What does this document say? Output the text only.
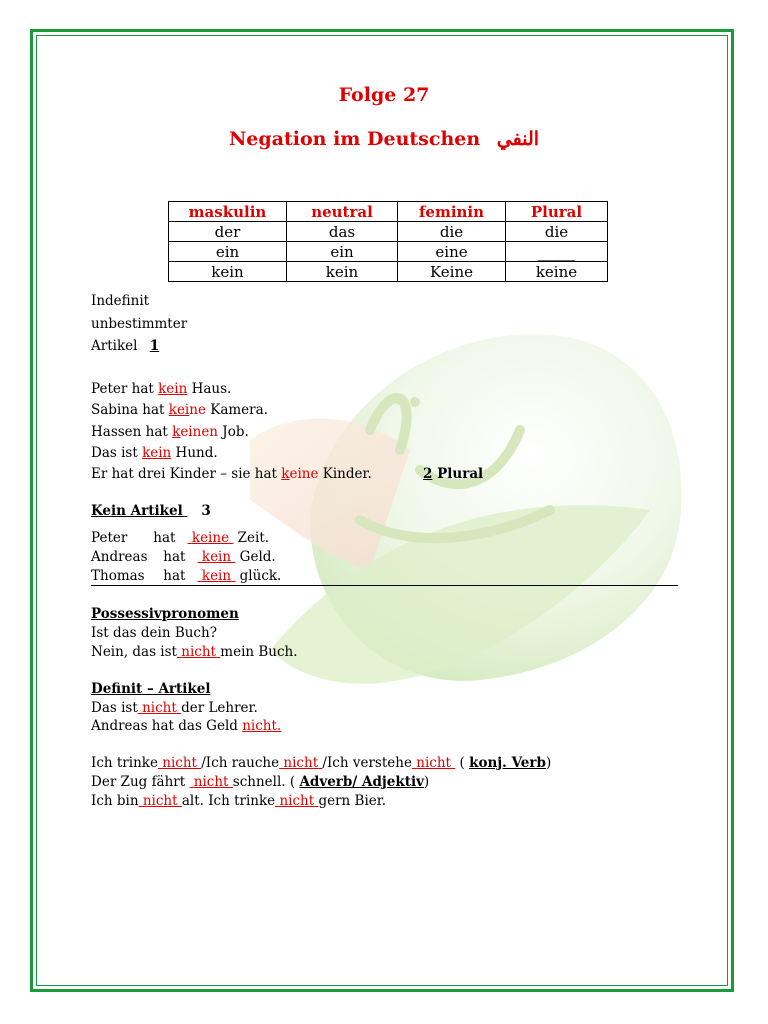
Folge 27
Negation im Deutschen النفي
maskulin	neutral	feminin	Plural
der	das	die	die
ein	ein	eine	_____
kein	kein	Keine	keine
Indefinit
unbestimmter
Artikel 1
Peter hat kein Haus.
Sabina hat keine Kamera.
Hassen hat keinen Job.
Das ist kein Hund.
Er hat drei Kinder – sie hat keine Kinder.	2 Plural
Kein Artikel 3
Peter hat keine  Zeit.
Andreas hat kein  Geld.
Thomas hat kein  glück.
Possessivpronomen
Ist das dein Buch?
Nein, das ist nicht mein Buch.
Definit – Artikel
Das ist nicht der Lehrer.
Andreas hat das Geld nicht.
Ich trinke nicht /Ich rauche nicht /Ich verstehe nicht  ( konj. Verb)
Der Zug fährt  nicht schnell. ( Adverb/ Adjektiv)
Ich bin nicht alt. Ich trinke nicht gern Bier.
